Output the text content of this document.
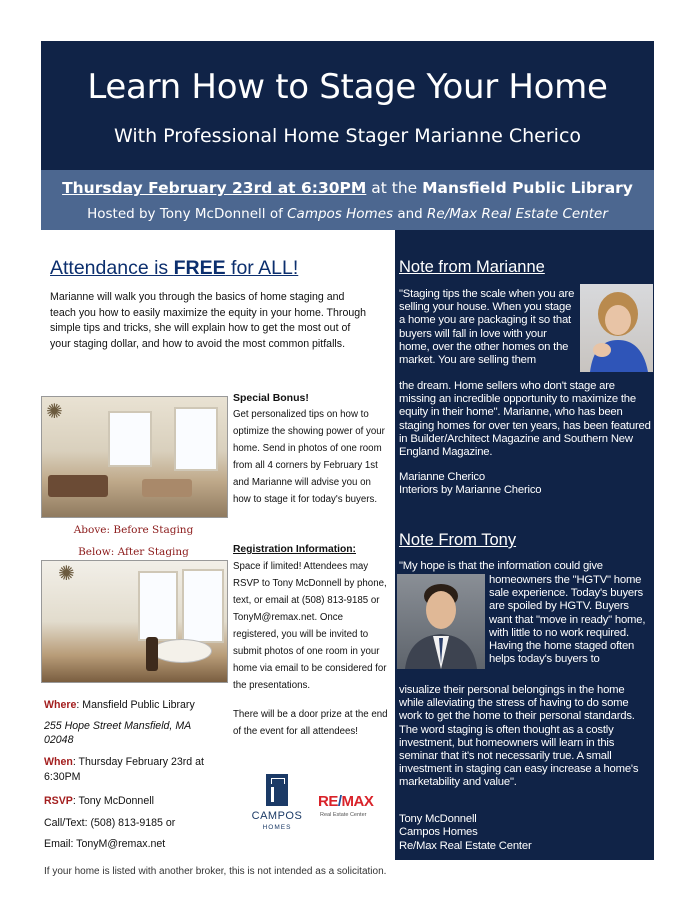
Learn How to Stage Your Home
With Professional Home Stager Marianne Cherico
Thursday February 23rd at 6:30PM at the Mansfield Public Library
Hosted by Tony McDonnell of Campos Homes and Re/Max Real Estate Center
Attendance is FREE for ALL!
Marianne will walk you through the basics of home staging and teach you how to easily maximize the equity in your home. Through simple tips and tricks, she will explain how to get the most out of your staging dollar, and how to avoid the most common pitfalls.
✺
Above: Before Staging
Below: After Staging
✺
Where: Mansfield Public Library
255 Hope Street Mansfield, MA 02048
When: Thursday February 23rd at 6:30PM
RSVP: Tony McDonnell
Call/Text: (508) 813-9185 or
Email: TonyM@remax.net
Special Bonus!
Get personalized tips on how to optimize the showing power of your home. Send in photos of one room from all 4 corners by February 1st and Marianne will advise you on how to stage it for today's buyers.
Registration Information:
Space if limited! Attendees may RSVP to Tony McDonnell by phone, text, or email at (508) 813-9185 or TonyM@remax.net. Once registered, you will be invited to submit photos of one room in your home via email to be considered for the presentations.
There will be a door prize at the end of the event for all attendees!
CAMPOS
HOMES
RE/MAX
Real Estate Center
Note from Marianne
"Staging tips the scale when you are selling your house. When you stage a home you are packaging it so that buyers will fall in love with your home, over the other homes on the market. You are selling them
the dream. Home sellers who don't stage are missing an incredible opportunity to maximize the equity in their home". Marianne, who has been staging homes for over ten years, has been featured in Builder/Architect Magazine and Southern New England Magazine.
Marianne Cherico
Interiors by Marianne Cherico
Note From Tony
"My hope is that the information could give
homeowners the "HGTV" home sale experience. Today's buyers are spoiled by HGTV. Buyers want that "move in ready" home, with little to no work required. Having the home staged often helps today's buyers to
visualize their personal belongings in the home while alleviating the stress of having to do some work to get the home to their personal standards. The word staging is often thought as a costly investment, but homeowners will learn in this seminar that it's not necessarily true. A small investment in staging can easy increase a home's marketability and value".
Tony McDonnell
Campos Homes
Re/Max Real Estate Center
If your home is listed with another broker, this is not intended as a solicitation.
